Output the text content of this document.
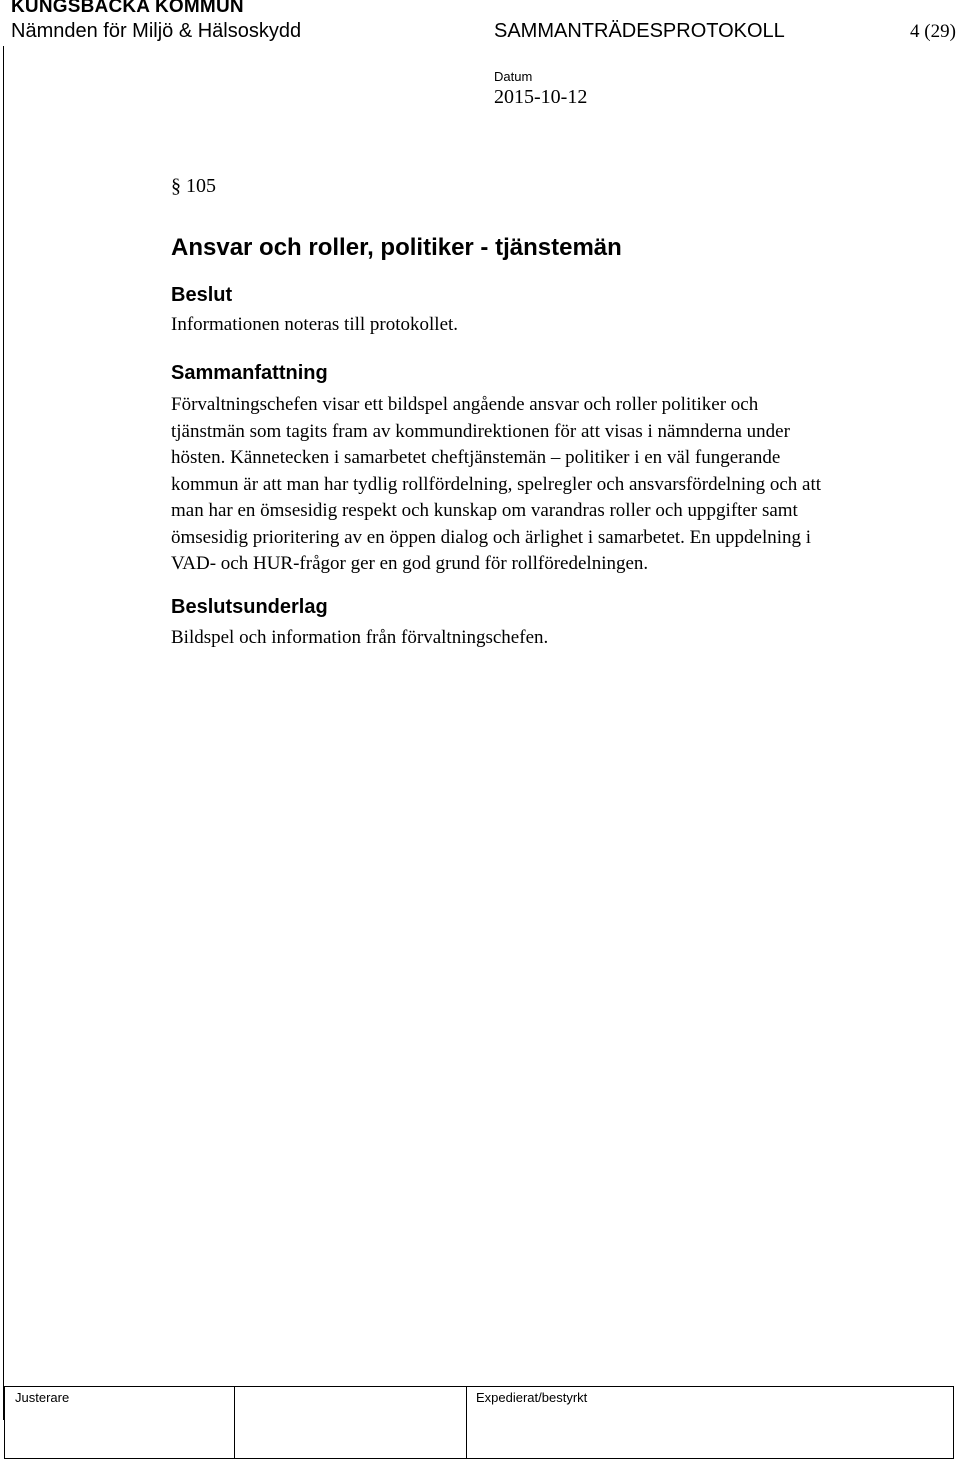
KUNGSBACKA KOMMUN
Nämnden för Miljö & Hälsoskydd	SAMMANTRÄDESPROTOKOLL	4 (29)
Datum
2015-10-12
§ 105
Ansvar och roller, politiker - tjänstemän
Beslut
Informationen noteras till protokollet.
Sammanfattning
Förvaltningschefen visar ett bildspel angående ansvar och roller politiker och
tjänstmän som tagits fram av kommundirektionen för att visas i nämnderna under
hösten. Kännetecken i samarbetet cheftjänstemän – politiker i en väl fungerande
kommun är att man har tydlig rollfördelning, spelregler och ansvarsfördelning och att
man har en ömsesidig respekt och kunskap om varandras roller och uppgifter samt
ömsesidig prioritering av en öppen dialog och ärlighet i samarbetet. En uppdelning i
VAD- och HUR-frågor ger en god grund för rollföredelningen.
Beslutsunderlag
Bildspel och information från förvaltningschefen.
Justerare	Expedierat/bestyrkt
